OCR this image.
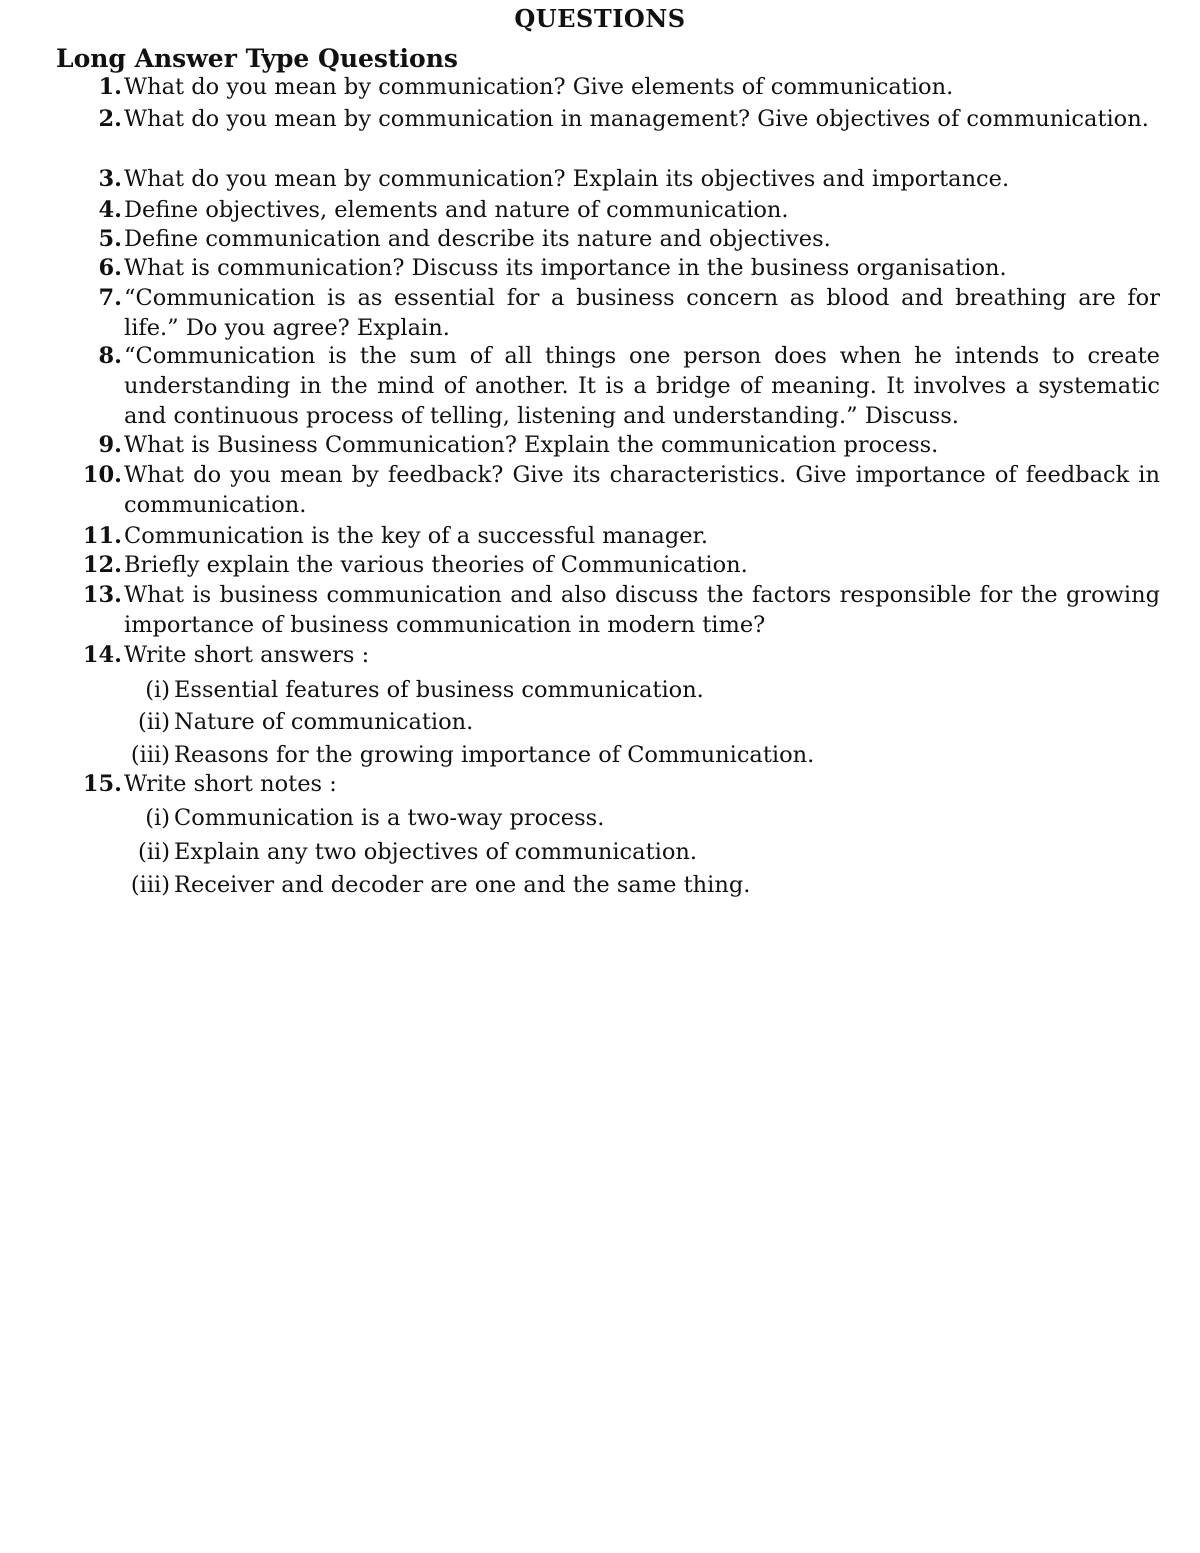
QUESTIONS
Long Answer Type Questions
1. What do you mean by communication? Give elements of communication.
2. What do you mean by communication in management? Give objectives of communication.
3. What do you mean by communication? Explain its objectives and importance.
4. Define objectives, elements and nature of communication.
5. Define communication and describe its nature and objectives.
6. What is communication? Discuss its importance in the business organisation.
7. “Communication is as essential for a business concern as blood and breathing are for life.” Do you agree? Explain.
8. “Communication is the sum of all things one person does when he intends to create understanding in the mind of another. It is a bridge of meaning. It involves a systematic and continuous process of telling, listening and understanding.” Discuss.
9. What is Business Communication? Explain the communication process.
10. What do you mean by feedback? Give its characteristics. Give importance of feedback in communication.
11. Communication is the key of a successful manager.
12. Briefly explain the various theories of Communication.
13. What is business communication and also discuss the factors responsible for the growing importance of business communication in modern time?
14. Write short answers :
(i) Essential features of business communication.
(ii) Nature of communication.
(iii) Reasons for the growing importance of Communication.
15. Write short notes :
(i) Communication is a two-way process.
(ii) Explain any two objectives of communication.
(iii) Receiver and decoder are one and the same thing.
